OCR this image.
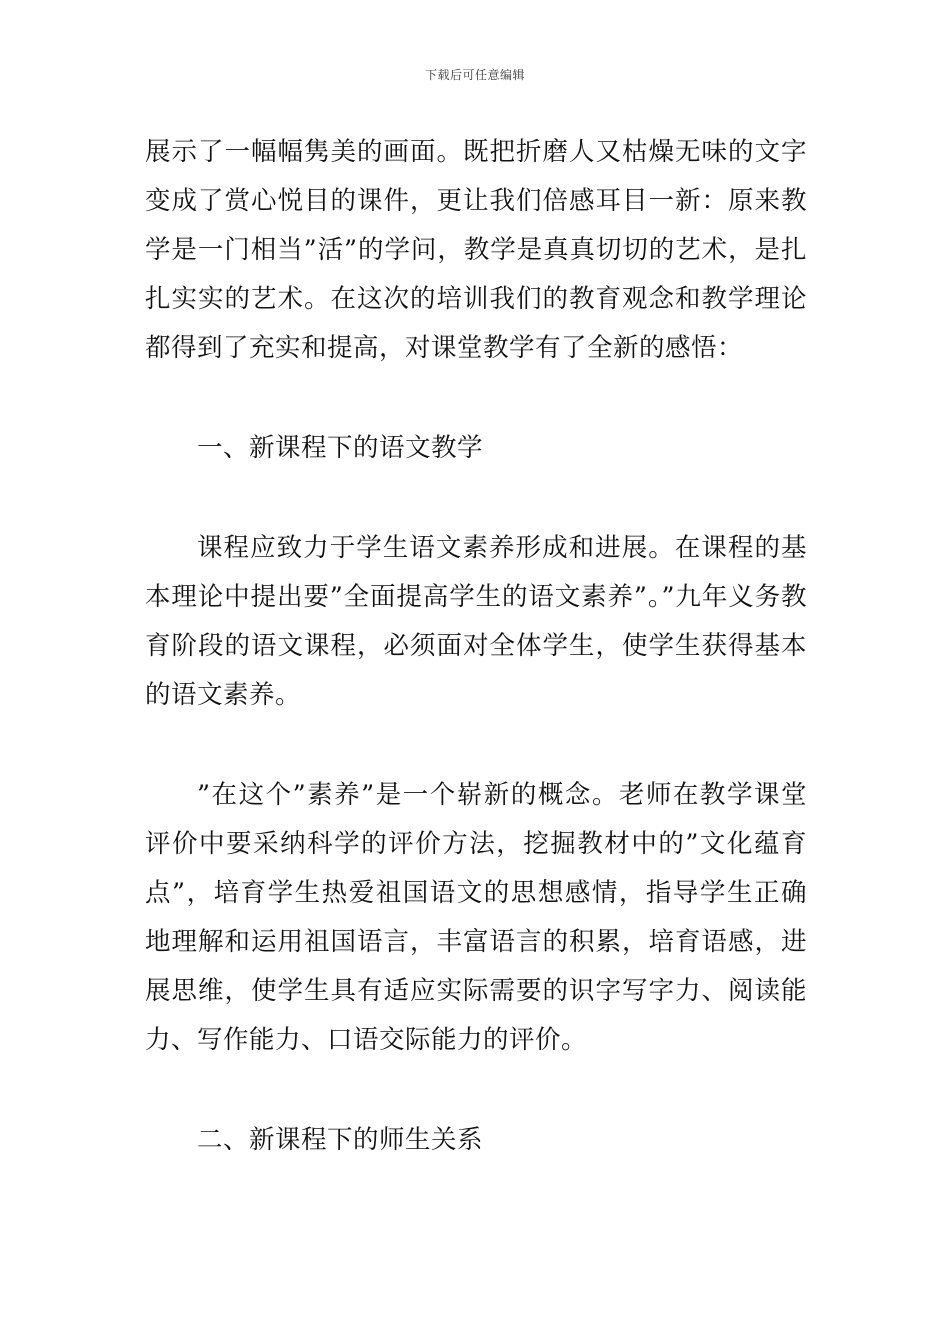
下载后可任意编辑

展示了一幅幅隽美的画面。既把折磨人又枯燥无味的文字变成了赏心悦目的课件，更让我们倍感耳目一新：原来教学是一门相当”活”的学问，教学是真真切切的艺术，是扎扎实实的艺术。在这次的培训我们的教育观念和教学理论都得到了充实和提高，对课堂教学有了全新的感悟：

一、新课程下的语文教学

课程应致力于学生语文素养形成和进展。在课程的基本理论中提出要”全面提高学生的语文素养”。”九年义务教育阶段的语文课程，必须面对全体学生，使学生获得基本的语文素养。

”在这个”素养”是一个崭新的概念。老师在教学课堂评价中要采纳科学的评价方法，挖掘教材中的”文化蕴育点”，培育学生热爱祖国语文的思想感情，指导学生正确地理解和运用祖国语言，丰富语言的积累，培育语感，进展思维，使学生具有适应实际需要的识字写字力、阅读能力、写作能力、口语交际能力的评价。

二、新课程下的师生关系
